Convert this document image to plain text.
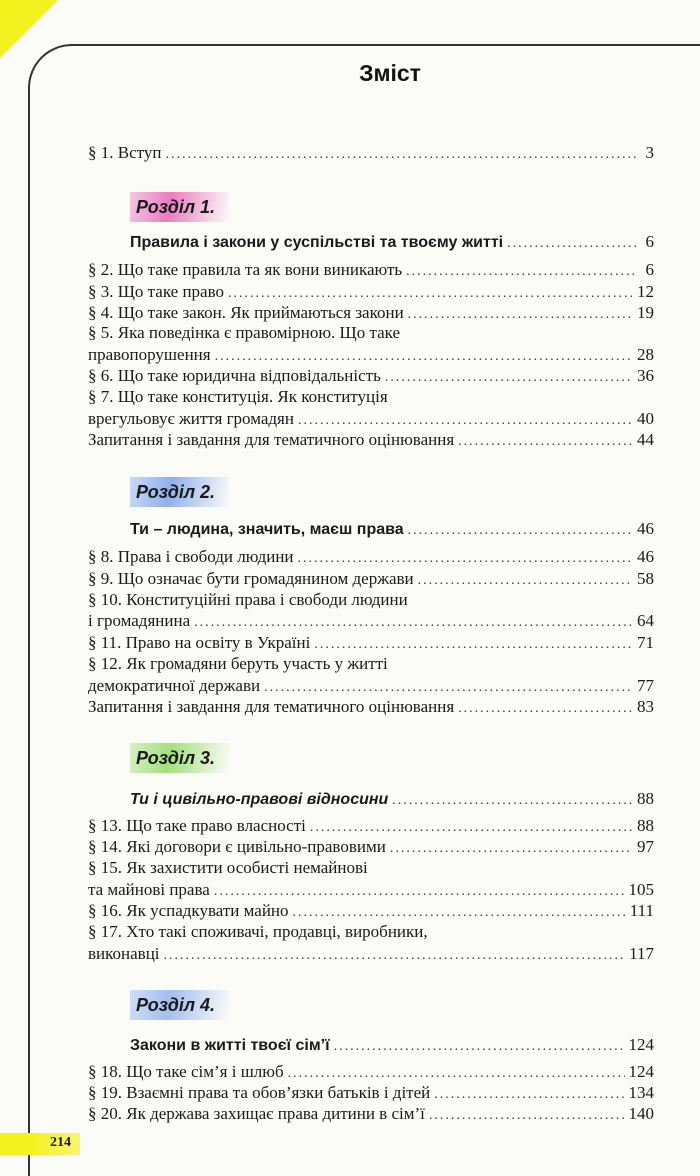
Зміст
§ 1. Вступ .....	3
Розділ 1.
Правила і закони у суспільстві та твоєму житті .....	6
§ 2. Що таке правила та як вони виникають .....	6
§ 3. Що таке право .....	12
§ 4. Що таке закон. Як приймаються закони .....	19
§ 5. Яка поведінка є правомірною. Що таке
правопорушення .....	28
§ 6. Що таке юридична відповідальність .....	36
§ 7. Що таке конституція. Як конституція
врегульовує життя громадян .....	40
Запитання і завдання для тематичного оцінювання .....	44
Розділ 2.
Ти – людина, значить, маєш права .....	46
§ 8. Права і свободи людини .....	46
§ 9. Що означає бути громадянином держави .....	58
§ 10. Конституційні права і свободи людини
і громадянина .....	64
§ 11. Право на освіту в Україні .....	71
§ 12. Як громадяни беруть участь у житті
демократичної держави .....	77
Запитання і завдання для тематичного оцінювання .....	83
Розділ 3.
Ти і цивільно-правові відносини .....	88
§ 13. Що таке право власності .....	88
§ 14. Які договори є цивільно-правовими .....	97
§ 15. Як захистити особисті немайнові
та майнові права .....	105
§ 16. Як успадкувати майно .....	111
§ 17. Хто такі споживачі, продавці, виробники,
виконавці .....	117
Розділ 4.
Закони в житті твоєї сім’ї .....	124
§ 18. Що таке сім’я і шлюб .....	124
§ 19. Взаємні права та обов’язки батьків і дітей .....	134
§ 20. Як держава захищає права дитини в сім’ї .....	140
214
